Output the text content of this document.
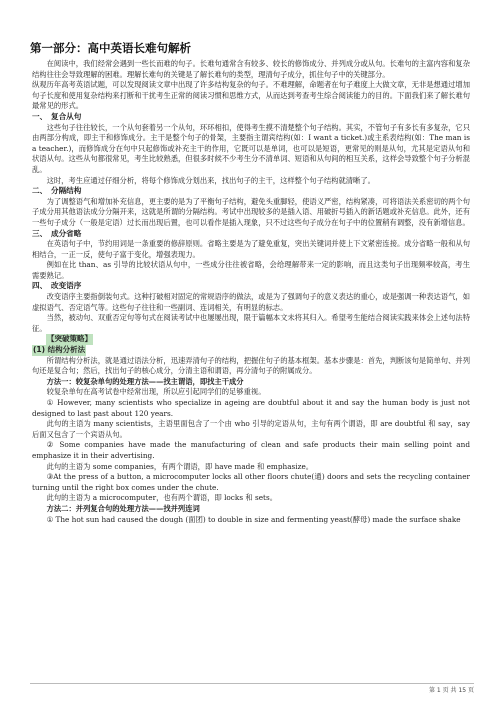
第一部分：高中英语长难句解析

在阅读中，我们经常会遇到一些长而难的句子。长难句通常含有较多、较长的修饰成分、并列成分或从句。长难句的主富内容和复杂结构往往会导致理解的困难。理解长难句的关键是了解长难句的类型，理清句子成分，抓住句子中的关键部分。

纵观历年高考英语试题，可以发现阅读文章中出现了许多结构复杂的句子。不难理解，命题者在句子难度上大做文章，无非是想通过增加句子长度和使用复杂结构来打断和干扰考生正常的阅读习惯和思维方式，从而达到考查考生综合阅读能力的目的。下面我们来了解长难句最常见的形式。

一、　复合从句

这些句子往往较长，一个从句套着另一个从句，环环相扣，使得考生摸不清楚整个句子结构。其实，不管句子有多长有多复杂，它只由两部分构成，即主干和修饰成分。主干是整个句子的骨架，主要指主谓宾结构(如：I want a ticket.)或主系表结构(如：The man is a teacher.)，而修饰成分在句中只起修饰或补充主干的作用，它既可以是单词，也可以是短语，更常见的则是从句，尤其是定语从句和状语从句。这些从句都很常见，考生比较熟悉，但很多时候不少考生分不清单词、短语和从句间的相互关系，这样会导致整个句子分析混乱。

这时，考生应通过仔细分析，将每个修饰成分划出来，找出句子的主干，这样整个句子结构就清晰了。

二、　分隔结构

为了调整语气和增加补充信息，更主要的是为了平衡句子结构，避免头重脚轻，使语义严密，结构紧凑，可将语法关系密切的两个句子成分用其他语法成分分隔开来，这就是所谓的分隔结构。考试中出现较多的是插入语、用破折号插入的新话题或补充信息。此外，还有一些句子成分（一般是定语）过长而出现后置，也可以看作是插入现象，只不过这些句子成分在句子中的位置稍有调整，没有新增信息。

三、　成分省略

在英语句子中，节约用词是一条重要的修辞原则。省略主要是为了避免重复，突出关键词并使上下文紧密连接。成分省略一般和从句相结合，一正一反，使句子富于变化，增强表现力。

例如在比 than、as 引导的比较状语从句中，一些成分往往被省略，会给理解带来一定的影响，而且这类句子出现频率较高，考生需要熟记。

四、　改变语序

改变语序主要指倒装句式。这种打破相对固定的常规语序的做法，或是为了强调句子的意义表达的重心，或是强调一种表达语气，如虚拟语气、否定语气等。这些句子往往和一些副词、连词相关，有明显的标志。

当然，被动句、双重否定句等句式在阅读考试中也屡屡出现，限于篇幅本文未将其归入。希望考生能结合阅读实践来体会上述句法特征。

【突破策略】

(1) 结构分析法

所谓结构分析法，就是通过语法分析，迅速弄清句子的结构，把握住句子的基本框架。基本步骤是：首先，判断该句是简单句、并列句还是复合句；然后，找出句子的核心成分，分清主语和谓语，再分清句子的附属成分。

方法一：较复杂单句的处理方法——找主谓语，即找主干成分

较复杂单句在高考试卷中经常出现，所以应引起同学们的足够重视。

① However, many scientists who specialize in ageing are doubtful about it and say the human body is just not designed to last past about 120 years.

此句的主语为 many scientists，主语里面包含了一个由 who 引导的定语从句，主句有两个谓语，即 are doubtful 和 say，say 后面又包含了一个宾语从句。

② Some companies have made the manufacturing of clean and safe products their main selling point and emphasize it in their advertising.

此句的主语为 some companies，有两个谓语，即 have made 和 emphasize。

③At the press of a button, a microcomputer locks all other floors chute(通) doors and sets the recycling container turning until the right box comes under the chute.

此句的主语为 a microcomputer，也有两个谓语，即 locks 和 sets。

方法二：并列复合句的处理方法——找并列连词

① The hot sun had caused the dough (面团) to double in size and fermenting yeast(酵母) made the surface shake

第 1 页 共 15 页
